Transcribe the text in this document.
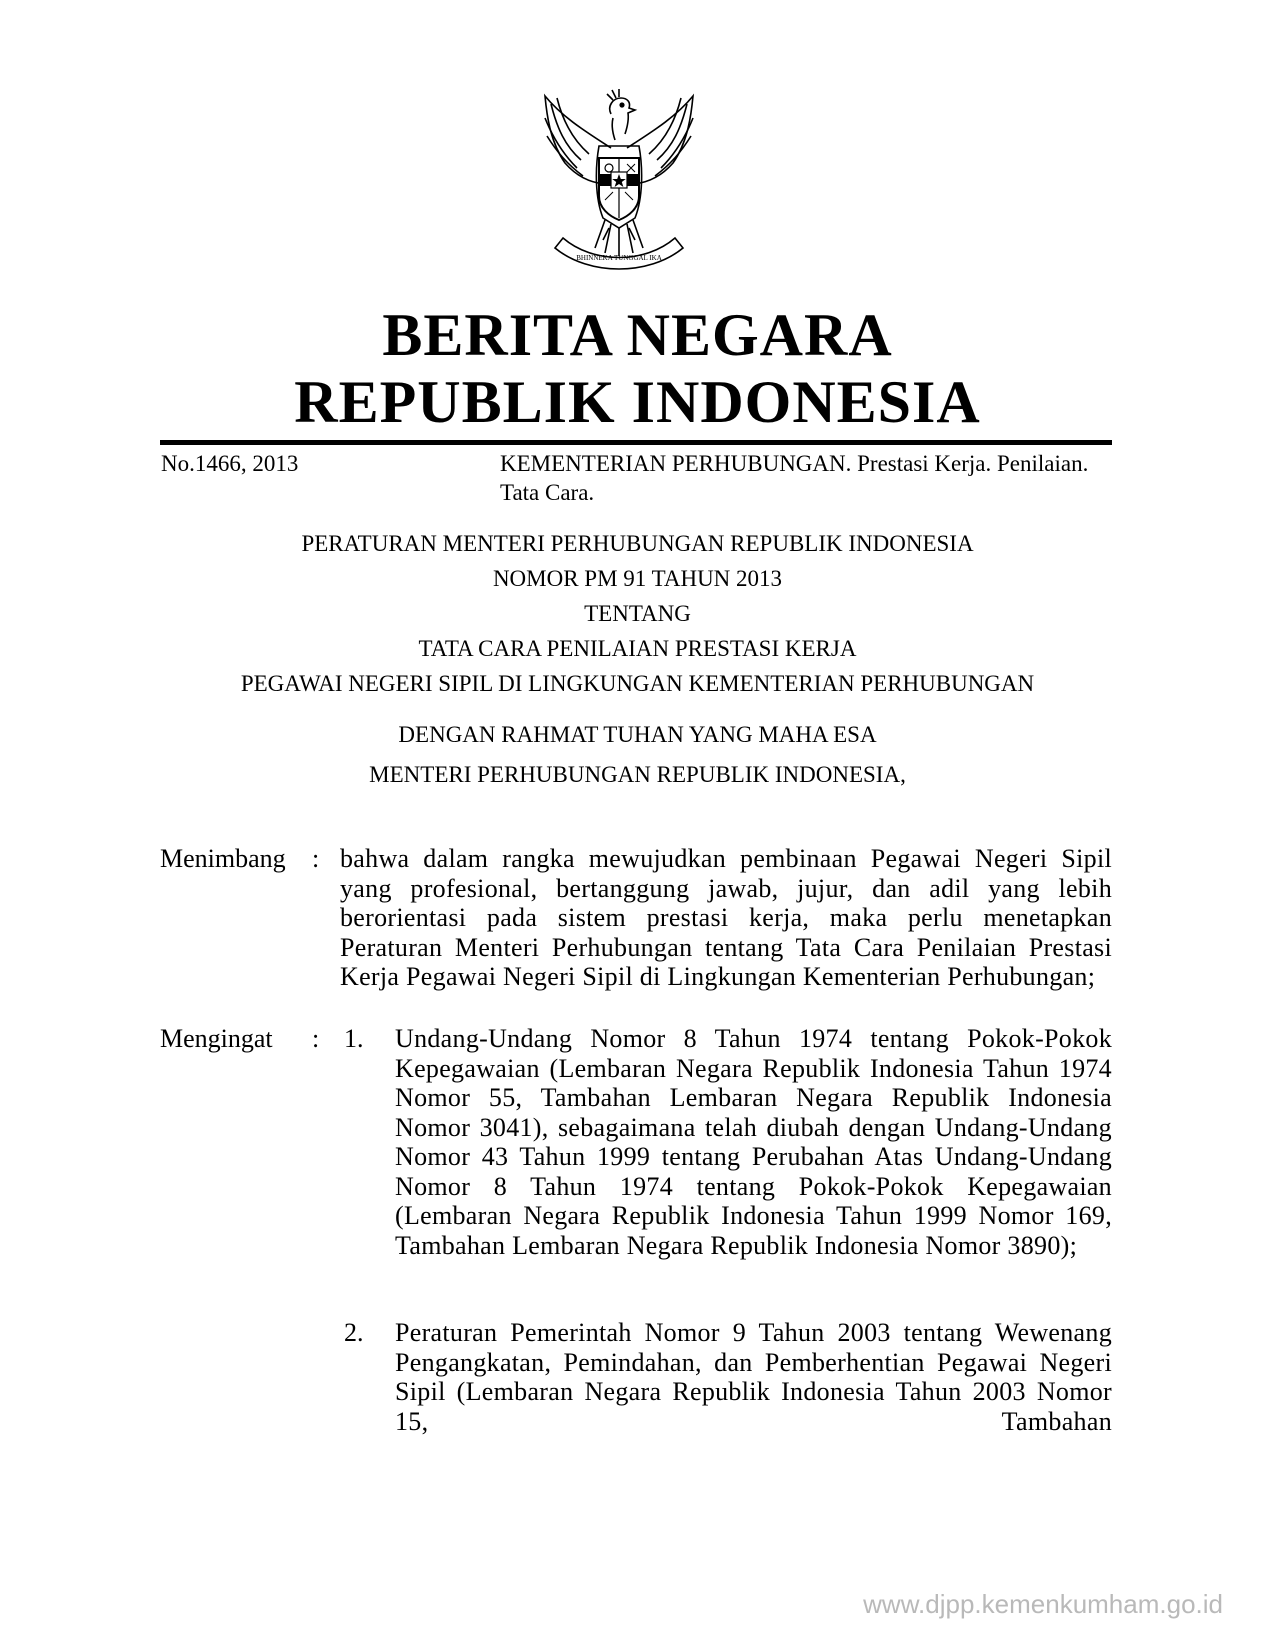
BHINNEKA TUNGGAL IKA
BERITA NEGARA
REPUBLIK INDONESIA
No.1466, 2013	KEMENTERIAN PERHUBUNGAN. Prestasi Kerja. Penilaian. Tata Cara.
PERATURAN MENTERI PERHUBUNGAN REPUBLIK INDONESIA
NOMOR PM 91 TAHUN 2013
TENTANG
TATA CARA PENILAIAN PRESTASI KERJA
PEGAWAI NEGERI SIPIL DI LINGKUNGAN KEMENTERIAN PERHUBUNGAN
DENGAN RAHMAT TUHAN YANG MAHA ESA
MENTERI PERHUBUNGAN REPUBLIK INDONESIA,
Menimbang : bahwa dalam rangka mewujudkan pembinaan Pegawai Negeri Sipil yang profesional, bertanggung jawab, jujur, dan adil yang lebih berorientasi pada sistem prestasi kerja, maka perlu menetapkan Peraturan Menteri Perhubungan tentang Tata Cara Penilaian Prestasi Kerja Pegawai Negeri Sipil di Lingkungan Kementerian Perhubungan;
Mengingat : 1. Undang-Undang Nomor 8 Tahun 1974 tentang Pokok-Pokok Kepegawaian (Lembaran Negara Republik Indonesia Tahun 1974 Nomor 55, Tambahan Lembaran Negara Republik Indonesia Nomor 3041), sebagaimana telah diubah dengan Undang-Undang Nomor 43 Tahun 1999 tentang Perubahan Atas Undang-Undang Nomor 8 Tahun 1974 tentang Pokok-Pokok Kepegawaian (Lembaran Negara Republik Indonesia Tahun 1999 Nomor 169, Tambahan Lembaran Negara Republik Indonesia Nomor 3890);
2. Peraturan Pemerintah Nomor 9 Tahun 2003 tentang Wewenang Pengangkatan, Pemindahan, dan Pemberhentian Pegawai Negeri Sipil (Lembaran Negara Republik Indonesia Tahun 2003 Nomor 15, Tambahan
www.djpp.kemenkumham.go.id
